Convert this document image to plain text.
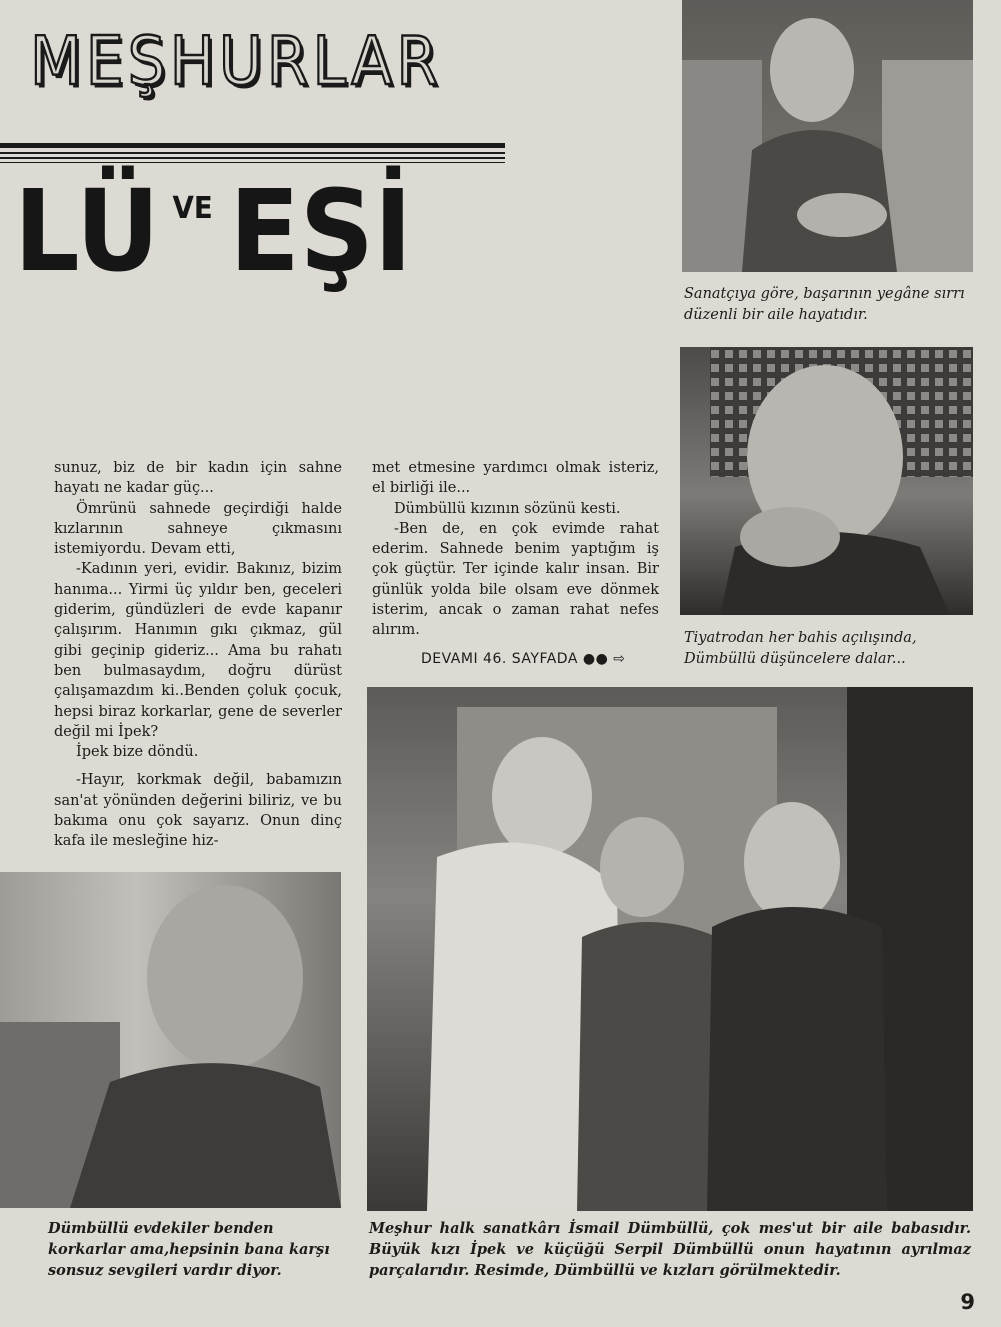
MEŞHURLAR
LÜ $^{VE}$ EŞİ

sunuz, biz de bir kadın için sahne hayatı ne kadar güç...

Ömrünü sahnede geçirdiği halde kızlarının sahneye çıkmasını istemiyordu. Devam etti,

-Kadının yeri, evidir. Bakınız, bizim hanıma... Yirmi üç yıldır ben, geceleri giderim, gündüzleri de evde kapanır çalışırım. Hanımın gıkı çıkmaz, gül gibi geçinip gideriz... Ama bu rahatı ben bulmasaydım, doğru dürüst çalışamazdım ki..Benden çoluk çocuk, hepsi biraz korkarlar, gene de severler değil mi İpek?

İpek bize döndü.

-Hayır, korkmak değil, babamızın san'at yönünden değerini biliriz, ve bu bakıma onu çok sayarız. Onun dinç kafa ile mesleğine hiz-

met etmesine yardımcı olmak isteriz, el birliği ile...

Dümbüllü kızının sözünü kesti.

-Ben de, en çok evimde rahat ederim. Sahnede benim yaptığım iş çok güçtür. Ter içinde kalır insan. Bir günlük yolda bile olsam eve dönmek isterim, ancak o zaman rahat nefes alırım.

DEVAMI 46. SAYFADA ●● ⇨
Sanatçıya göre, başarının yegâne sırrı düzenli bir aile hayatıdır.
Tiyatrodan her bahis açılışında, Dümbüllü düşüncelere dalar...
Dümbüllü evdekiler benden korkarlar ama,hepsinin bana karşı sonsuz sevgileri vardır diyor.
Meşhur halk sanatkârı İsmail Dümbüllü, çok mes'ut bir aile babasıdır. Büyük kızı İpek ve küçüğü Serpil Dümbüllü onun hayatının ayrılmaz parçalarıdır. Resimde, Dümbüllü ve kızları görülmektedir.
9
